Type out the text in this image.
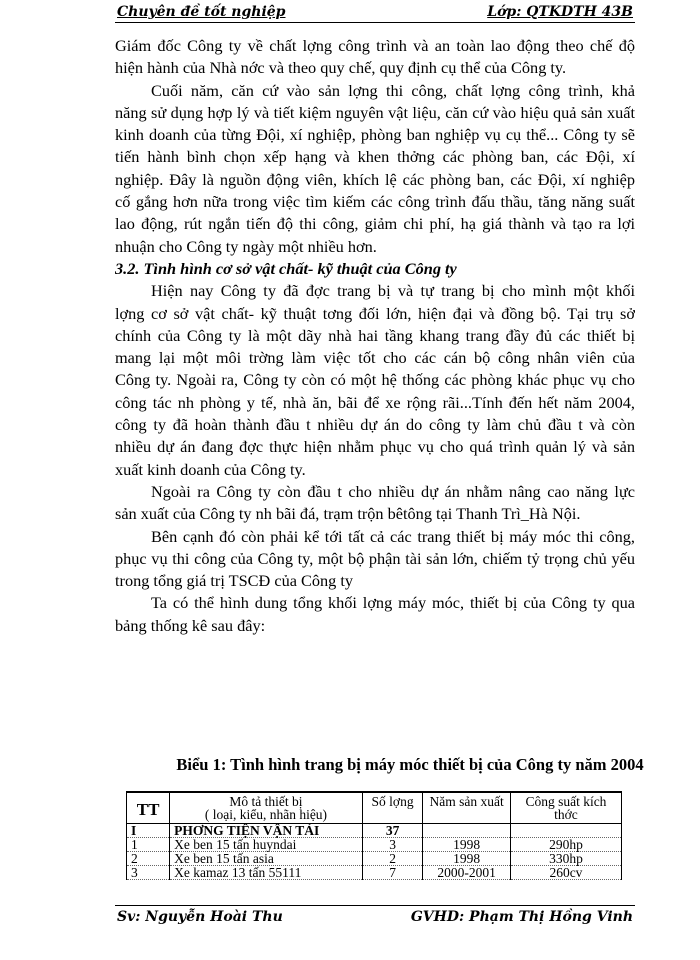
Chuyên đề tốt nghiệp	Lớp: QTKDTH 43B
Giám đốc Công ty về chất lợng công trình và an toàn lao động theo chế độ
hiện hành của Nhà nớc và theo quy chế, quy định cụ thể của Công ty.
Cuối năm, căn cứ vào sản lợng thi công, chất lợng công trình, khả
năng sử dụng hợp lý và tiết kiệm nguyên vật liệu, căn cứ vào hiệu quả sản xuất
kinh doanh của từng Đội, xí nghiệp, phòng ban nghiệp vụ cụ thể... Công ty sẽ
tiến hành bình chọn xếp hạng và khen thởng các phòng ban, các Đội, xí
nghiệp. Đây là nguồn động viên, khích lệ các phòng ban, các Đội, xí nghiệp
cố gắng hơn nữa trong việc tìm kiếm các công trình đấu thầu, tăng năng suất
lao động, rút ngắn tiến độ thi công, giảm chi phí, hạ giá thành và tạo ra lợi
nhuận cho Công ty ngày một nhiều hơn.
3.2. Tình hình cơ sở vật chất- kỹ thuật của Công ty
Hiện nay Công ty đã đợc trang bị và tự trang bị cho mình một khối
lợng cơ sở vật chất- kỹ thuật tơng đối lớn, hiện đại và đồng bộ. Tại trụ sở
chính của Công ty là một dãy nhà hai tầng khang trang đầy đủ các thiết bị
mang lại một môi trờng làm việc tốt cho các cán bộ công nhân viên của
Công ty. Ngoài ra, Công ty còn có một hệ thống các phòng khác phục vụ cho
công tác nh phòng y tế, nhà ăn, bãi để xe rộng rãi...Tính đến hết năm 2004,
công ty đã hoàn thành đầu t nhiều dự án do công ty làm chủ đầu t và còn
nhiều dự án đang đợc thực hiện nhằm phục vụ cho quá trình quản lý và sản
xuất kinh doanh của Công ty.
Ngoài ra Công ty còn đầu t cho nhiều dự án nhằm nâng cao năng lực
sản xuất của Công ty nh bãi đá, trạm trộn bêtông tại Thanh Trì_Hà Nội.
Bên cạnh đó còn phải kể tới tất cả các trang thiết bị máy móc thi công,
phục vụ thi công của Công ty, một bộ phận tài sản lớn, chiếm tỷ trọng chủ yếu
trong tổng giá trị TSCĐ của Công ty
Ta có thể hình dung tổng khối lợng máy móc, thiết bị của Công ty qua
bảng thống kê sau đây:
Biểu 1: Tình hình trang bị máy móc thiết bị của Công ty năm 2004
TT	Mô tả thiết bị
( loại, kiểu, nhãn hiệu)	Số lợng	Năm sản xuất	Công suất kích thớc
I	PHƠNG TIỆN VẬN TẢI	37		
1	Xe ben 15 tấn huyndai	3	1998	290hp
2	Xe ben 15 tấn asia	2	1998	330hp
3	Xe kamaz 13 tấn 55111	7	2000-2001	260cv
Sv: Nguyễn Hoài Thu	GVHD: Phạm Thị Hồng Vinh
